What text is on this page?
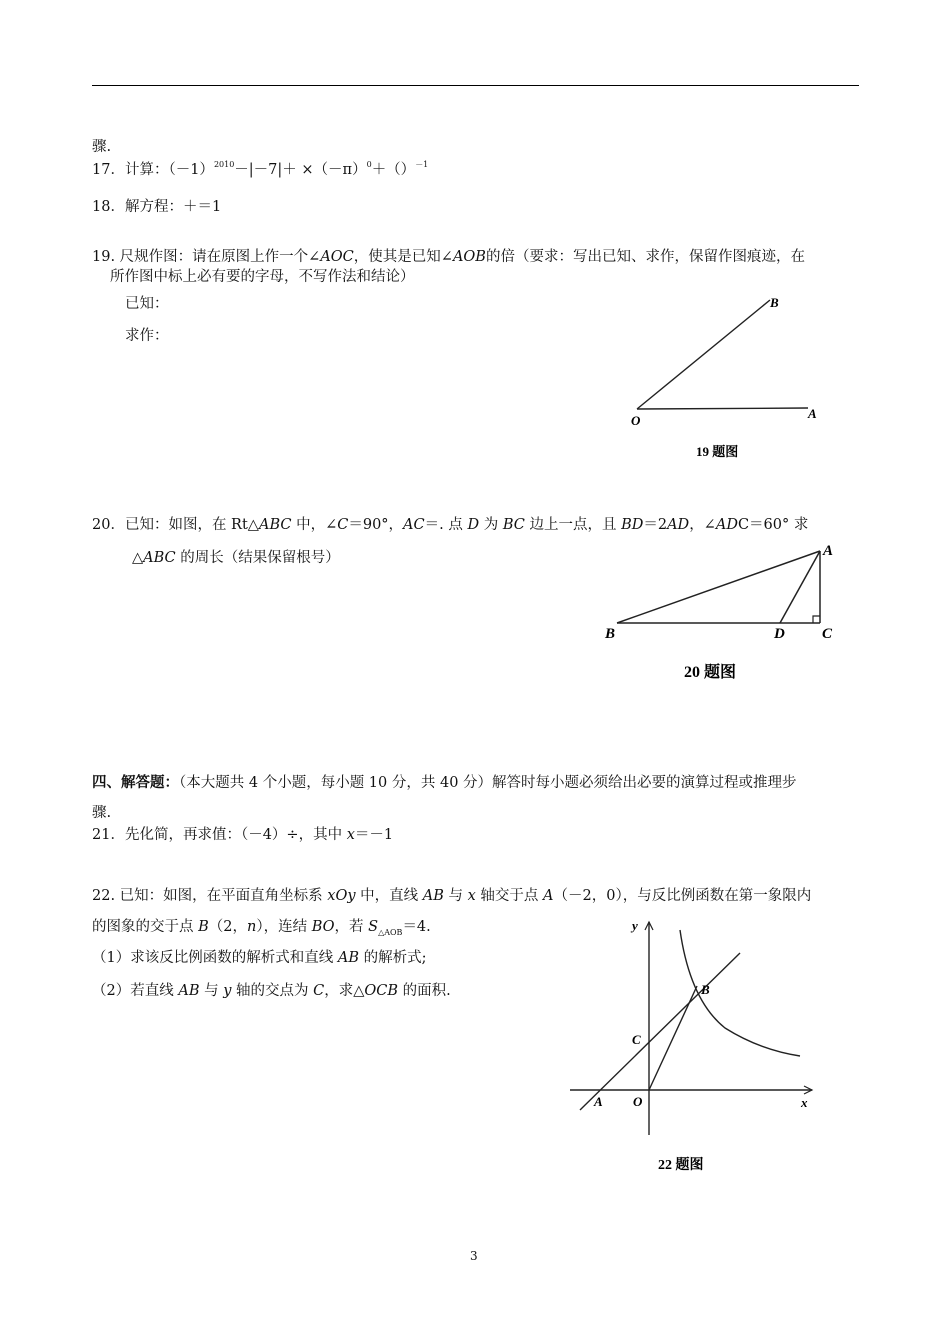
骤.
17．计算：$(-1)^{2010}-|-7|+ \times(-\pi)^0+()^{-1}$
18．解方程：＋＝1
19. 尺规作图：请在原图上作一个∠AOC，使其是已知∠AOB的倍（要求：写出已知、求作，保留作图痕迹，在
所作图中标上必有要的字母，不写作法和结论）
已知：
求作：
O	A
B
19 题图
20．已知：如图，在 Rt△ABC 中，∠C＝90°，AC＝. 点 D 为 BC 边上一点，且 BD＝2AD，∠ADC＝60° 求
△ABC 的周长（结果保留根号）	A
B	C
D
20 题图
四、解答题：（本大题共 4 个小题，每小题 10 分，共 40 分）解答时每小题必须给出必要的演算过程或推理步
骤.
21．先化简，再求值：（－4）÷，其中 x＝－1
22. 已知：如图，在平面直角坐标系 xOy 中，直线 AB 与 x 轴交于点 A（－2，0），与反比例函数在第一象限内
的图象的交于点 B（2，n），连结 BO，若 $S_{\triangle AOB}=4$.
（1）求该反比例函数的解析式和直线 AB 的解析式;
（2）若直线 AB 与 y 轴的交点为 C，求△OCB 的面积.
y
x
A O
B
C
22 题图
3
